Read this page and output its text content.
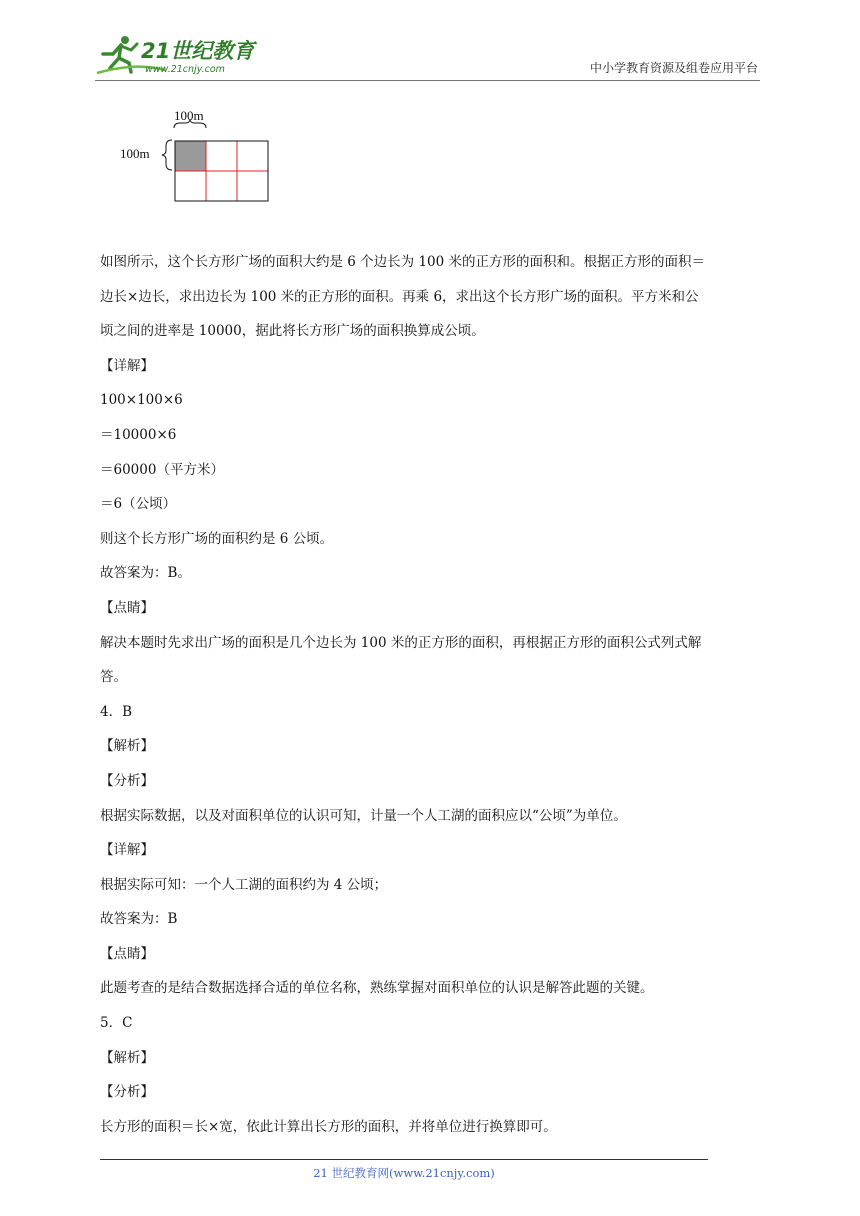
21世纪教育
www.21cnjy.com	中小学教育资源及组卷应用平台
100m
100m
如图所示，这个长方形广场的面积大约是 6 个边长为 100 米的正方形的面积和。根据正方形的面积＝
边长×边长，求出边长为 100 米的正方形的面积。再乘 6，求出这个长方形广场的面积。平方米和公
顷之间的进率是 10000，据此将长方形广场的面积换算成公顷。
【详解】
100×100×6
＝10000×6
＝60000（平方米）
＝6（公顷）
则这个长方形广场的面积约是 6 公顷。
故答案为：B。
【点睛】
解决本题时先求出广场的面积是几个边长为 100 米的正方形的面积，再根据正方形的面积公式列式解
答。
4．B
【解析】
【分析】
根据实际数据，以及对面积单位的认识可知，计量一个人工湖的面积应以“公顷”为单位。
【详解】
根据实际可知：一个人工湖的面积约为 4 公顷；
故答案为：B
【点睛】
此题考查的是结合数据选择合适的单位名称，熟练掌握对面积单位的认识是解答此题的关键。
5．C
【解析】
【分析】
长方形的面积＝长×宽，依此计算出长方形的面积，并将单位进行换算即可。
21 世纪教育网(www.21cnjy.com)
